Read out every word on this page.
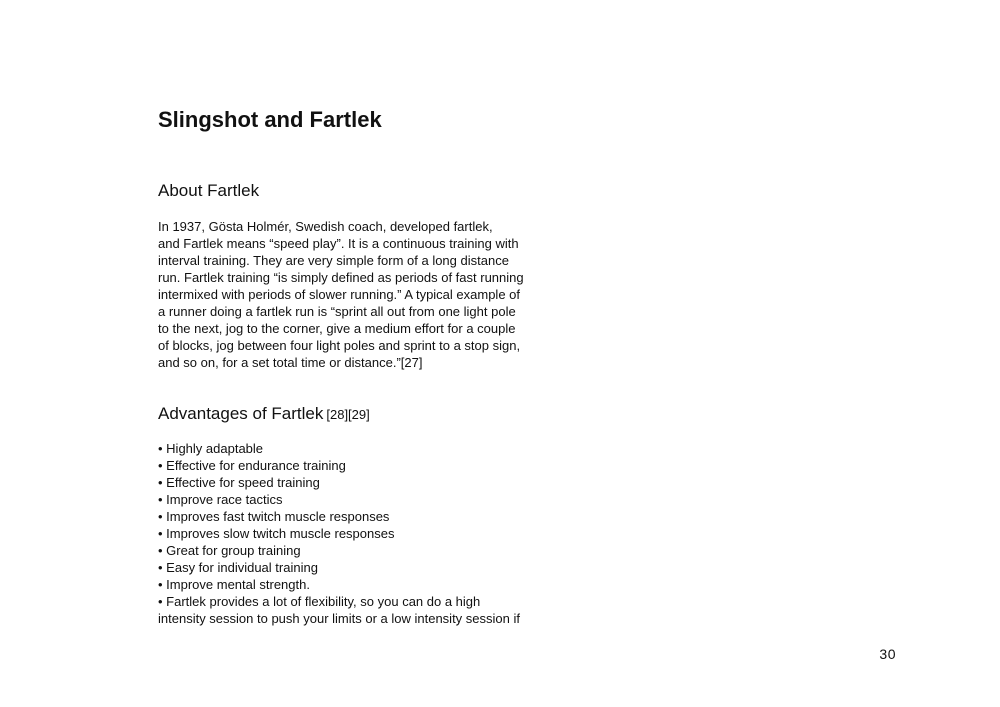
Slingshot and Fartlek
About Fartlek
In 1937, Gösta Holmér, Swedish coach, developed fartlek,
and Fartlek means “speed play”. It is a continuous training with
interval training. They are very simple form of a long distance
run. Fartlek training “is simply defined as periods of fast running
intermixed with periods of slower running.” A typical example of
a runner doing a fartlek run is “sprint all out from one light pole
to the next, jog to the corner, give a medium effort for a couple
of blocks, jog between four light poles and sprint to a stop sign,
and so on, for a set total time or distance.”[27]
Advantages of Fartlek [28][29]
• Highly adaptable
• Effective for endurance training
• Effective for speed training
• Improve race tactics
• Improves fast twitch muscle responses
• Improves slow twitch muscle responses
• Great for group training
• Easy for individual training
• Improve mental strength.
• Fartlek provides a lot of flexibility, so you can do a high
intensity session to push your limits or a low intensity session if
30
